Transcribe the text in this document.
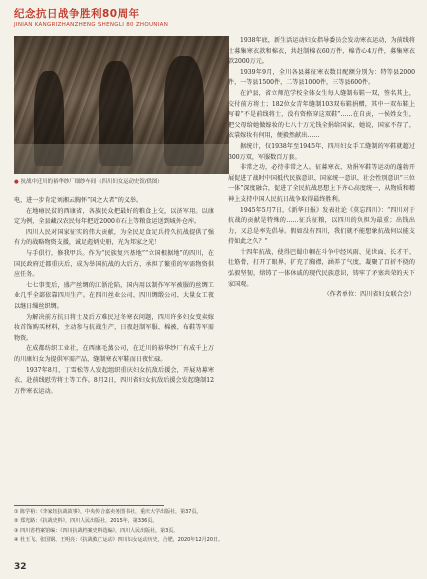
纪念抗日战争胜利80周年
JINIAN KANGRIZHANZHENG SHENGLI 80 ZHOUNIAN
● 抗战中迁川的裕华纱厂细纱车间（四川妇女运动史馆/供图）

电，进一步肯定刘湘云胸怀“国之大者”的义举。

在地瘠民贫的西康省，各族民众把最好的粮食上交，以济军用。以康定为例，全县藏汉农民每年把近2000市石上等粮食运送到城外仓库。

四川人民对国家征实的伟大贡献，为全民足食足兵持久抗战提供了强有力的战略物资支援，诚足彪炳史册，光为邦家之光！

与手俱行，修我甲兵。作为“民族复兴基地”“立国根据地”的四川，在国民政府迁都重庆后，成为举国抗战的大后方，承担了繁重的军需物资供应任务。

七七事变后，盛产丝绸的江浙沦陷，国内用以制作军军被服的丝绸工业几乎全部依靠四川生产。在四川丝业公司、四川绸缎公司、大量女工夜以继日缫丝织绸。

为解决前方抗日将士及后方难民过冬寒衣问题，四川许多妇女变卖嫁妆首饰购买材料，主动参与抗战生产，日夜赶制军服、棉被、布鞋等军需物资。

在成都纺织工业社，在西康毛蒸公司，在迁川的裕华纱厂有成千上万的川康妇女为提供军需产品，缝制寒衣军鞋而日夜忙碌。

1937年8月，丁雪松等人发起组织重庆妇女抗敌后援会，开展劝募寒衣、赴前线慰劳将士等工作。8月2日，四川省妇女抗敌后援会发起缝制12万件寒衣运动。

1938年底，新生活运动妇女指导委员会发动寒衣运动，为前线将士募集寒衣款和棉衣，共赶制棉衣60万件、棉背心4万件，募集寒衣款2000万元。

1939年9月，全川各县募征寒衣数目配额分别为：特等县2000件，一等县1500件，二等县1000件，三等县600件。

在泸县，省立师范学校全体女生每人缝制布鞋一双，签名其上，交付前方将士；182位女青年缝制103双布鞋捐赠，其中一双布鞋上写着“不是前线将士，没有资格穿这双鞋”……在自贡，一侯姓女生，把父母给她做嫁妆的七八十万元钱全捐给国家，她说，国家不存了，衣裳嫁妆有何用，便毅然献出……

据统计，仅1938年至1945年，四川妇女手工缝制的军鞋就超过300万双，军服数百万套。

非常之功，必待非常之人。征募寒衣、劝捐军鞋等运动的蓬勃开展促进了战时中国抵代民族意识、国家统一意识、社会性别意识“三位一体”深度融合，促进了全民抗战思想上下齐心高度统一，从物质和精神上支持中国人民抗日战争取得最终胜利。

1945年5月7日，《新华日报》发表社论《莫忘四川》：“四川对于抗战的贡献是特殊的……征兵征粮，以四川的负担为最重；出钱出力，又总是率先倡导。假如没有四川，我们就不能想象抗战何以能支持如此之久？”

十四年抗战，使得巴蜀巾帼在斗争中经风雨、见世面、长才干、壮筋骨，打开了眼界，扩充了胸襟，涵养了气度，凝聚了百折不挠的弘毅坚韧，熔铸了一体休戚的现代民族意识，铸牢了矛塞共荣的天下家国观。

（作者单位：四川省妇女联合会）

① 陈学裕：《李家钰抗战故事》，中央传合嘉卖务图书社，重庆大学出版社，第37页。
② 郑光路：《抗战史料》，四川人民出版社，2015年，第336页。
③ 四川省档案馆编：《四川抗战档案史料选编》，四川人民出版社，第3页。
④ 杜玉飞、张国钢、王明亮：《抗战救亡运动》四川妇女运动历史，合肥，2020年12月20日。
32
